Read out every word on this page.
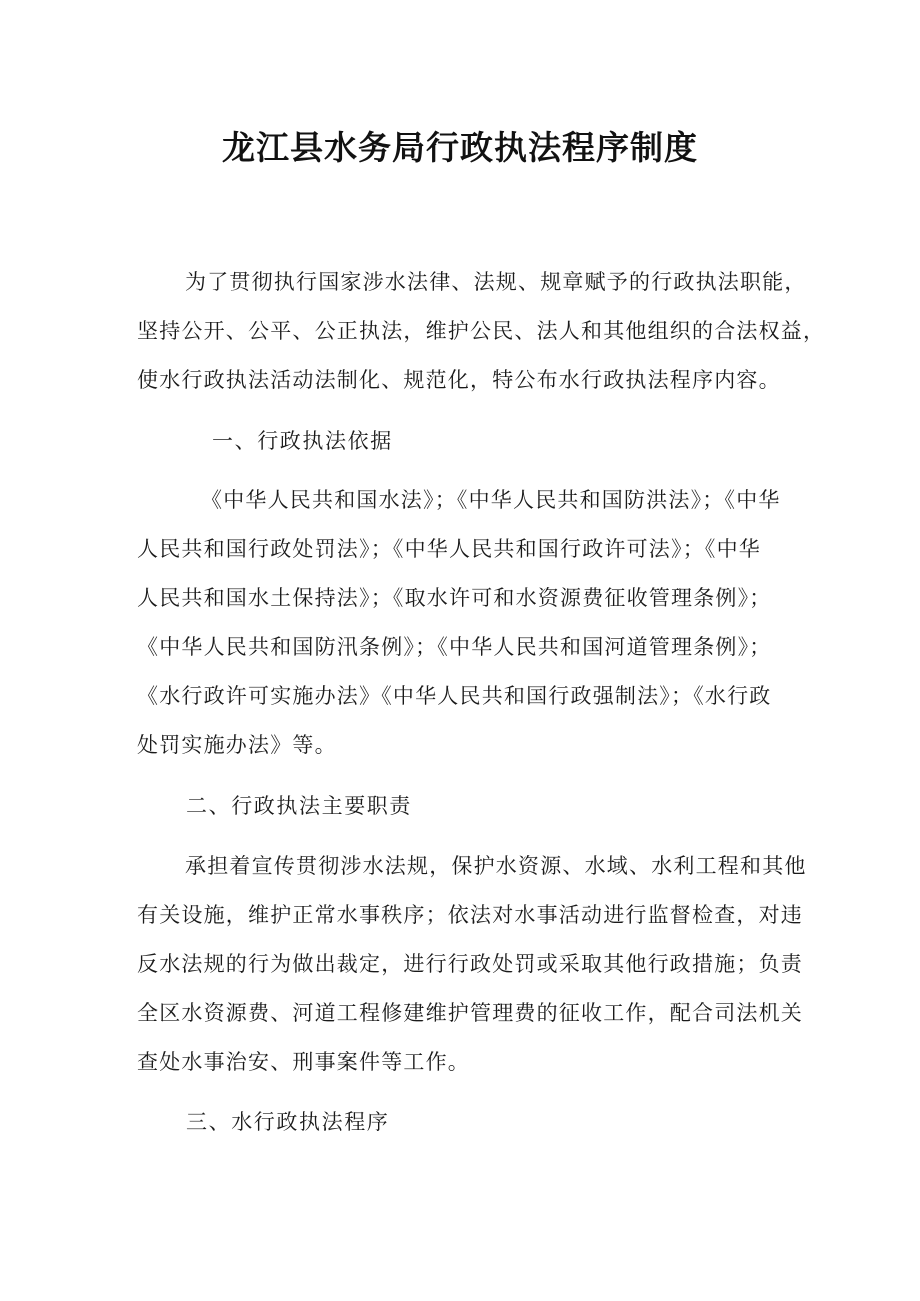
龙江县水务局行政执法程序制度
为了贯彻执行国家涉水法律、法规、规章赋予的行政执法职能，
坚持公开、公平、公正执法，维护公民、法人和其他组织的合法权益，
使水行政执法活动法制化、规范化，特公布水行政执法程序内容。
一、行政执法依据
《中华人民共和国水法》；《中华人民共和国防洪法》；《中华
人民共和国行政处罚法》；《中华人民共和国行政许可法》；《中华
人民共和国水土保持法》；《取水许可和水资源费征收管理条例》；
《中华人民共和国防汛条例》；《中华人民共和国河道管理条例》；
《水行政许可实施办法》《中华人民共和国行政强制法》；《水行政
处罚实施办法》等。
二、行政执法主要职责
承担着宣传贯彻涉水法规，保护水资源、水域、水利工程和其他
有关设施，维护正常水事秩序；依法对水事活动进行监督检查，对违
反水法规的行为做出裁定，进行行政处罚或采取其他行政措施；负责
全区水资源费、河道工程修建维护管理费的征收工作，配合司法机关
查处水事治安、刑事案件等工作。
三、水行政执法程序
